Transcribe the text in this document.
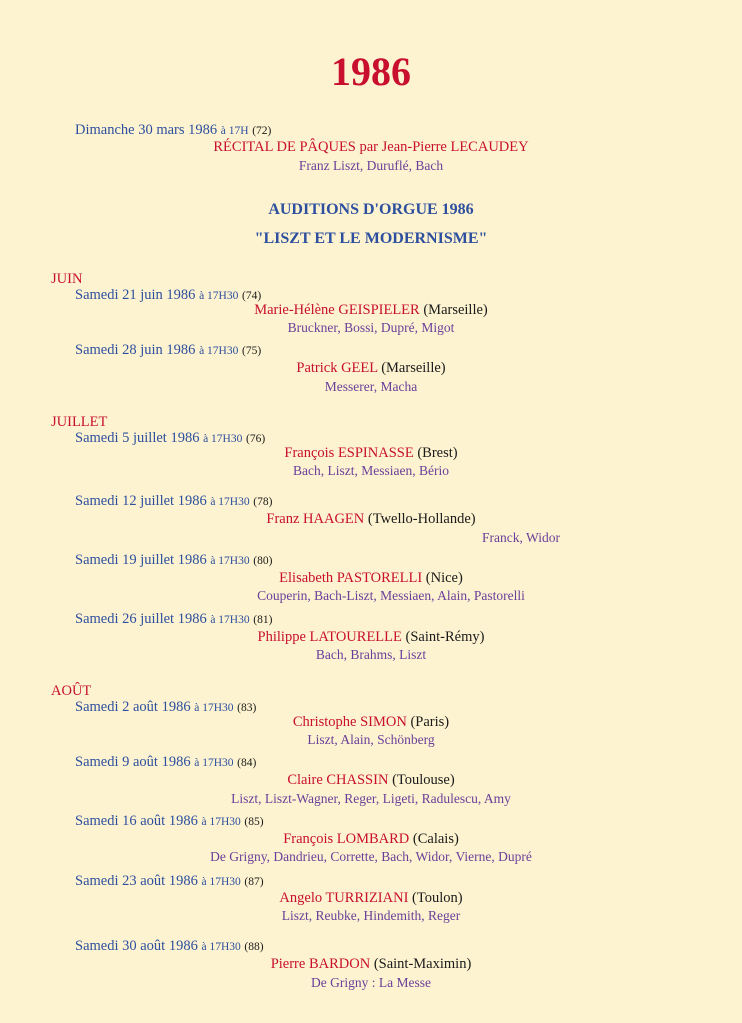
1986
Dimanche 30 mars 1986 à 17H (72)
RÉCITAL DE PÂQUES par Jean-Pierre LECAUDEY
Franz Liszt, Duruflé, Bach
AUDITIONS D'ORGUE 1986
"LISZT ET LE MODERNISME"
JUIN
JUILLET
AOÛT
Samedi 21 juin 1986 à 17H30 (74)
Marie-Hélène GEISPIELER (Marseille)
Bruckner, Bossi, Dupré, Migot
Samedi 28 juin 1986 à 17H30 (75)
Patrick GEEL (Marseille)
Messerer, Macha
Samedi 5 juillet 1986 à 17H30 (76)
François ESPINASSE (Brest)
Bach, Liszt, Messiaen, Bério
Samedi 12 juillet 1986 à 17H30 (78)
Franz HAAGEN (Twello-Hollande)
Franck, Widor
Samedi 19 juillet 1986 à 17H30 (80)
Elisabeth PASTORELLI (Nice)
Couperin, Bach-Liszt, Messiaen, Alain, Pastorelli
Samedi 26 juillet 1986 à 17H30 (81)
Philippe LATOURELLE (Saint-Rémy)
Bach, Brahms, Liszt
Samedi 2 août 1986 à 17H30 (83)
Christophe SIMON (Paris)
Liszt, Alain, Schönberg
Samedi 9 août 1986 à 17H30 (84)
Claire CHASSIN (Toulouse)
Liszt, Liszt-Wagner, Reger, Ligeti, Radulescu, Amy
Samedi 16 août 1986 à 17H30 (85)
François LOMBARD (Calais)
De Grigny, Dandrieu, Corrette, Bach, Widor, Vierne, Dupré
Samedi 23 août 1986 à 17H30 (87)
Angelo TURRIZIANI (Toulon)
Liszt, Reubke, Hindemith, Reger
Samedi 30 août 1986 à 17H30 (88)
Pierre BARDON (Saint-Maximin)
De Grigny : La Messe
